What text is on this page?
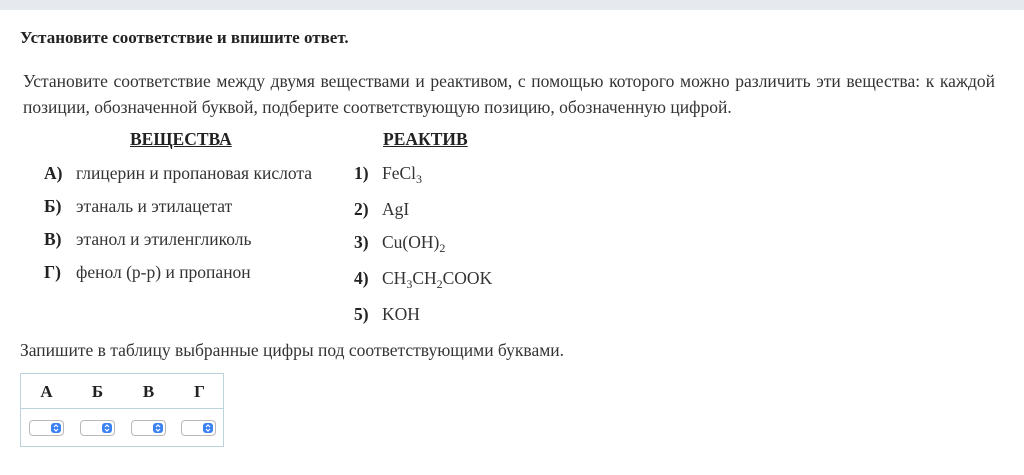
Установите соответствие и впишите ответ.
Установите соответствие между двумя веществами и реактивом, с помощью которого можно различить эти вещества: к каждой позиции, обозначенной буквой, подберите соответствующую позицию, обозначенную цифрой.
ВЕЩЕСТВА	РЕАКТИВ
А) глицерин и пропановая кислота
Б) этаналь и этилацетат
В) этанол и этиленгликоль
Г) фенол (р-р) и пропанон
1) FeCl$_3$
2) AgI
3) $Cu(OH)_2$
4) $CH_3CH_2COOK$
5) KOH
Запишите в таблицу выбранные цифры под соответствующими буквами.
А	Б	В	Г
